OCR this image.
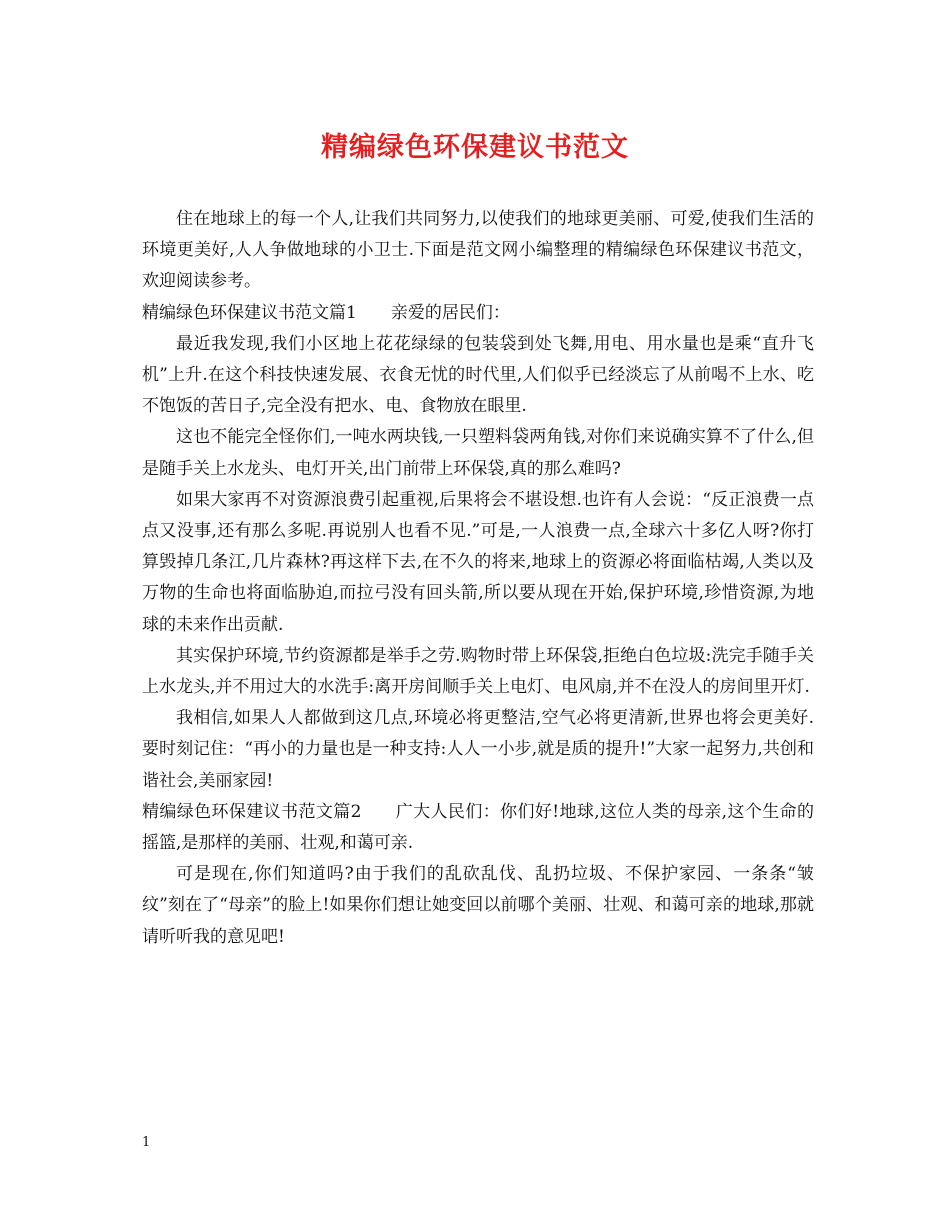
精编绿色环保建议书范文

住在地球上的每一个人,让我们共同努力,以使我们的地球更美丽、可爱,使我们生活的环境更美好,人人争做地球的小卫士.下面是范文网小编整理的精编绿色环保建议书范文，欢迎阅读参考。

精编绿色环保建议书范文篇1 亲爱的居民们：

最近我发现,我们小区地上花花绿绿的包装袋到处飞舞,用电、用水量也是乘“直升飞机”上升.在这个科技快速发展、衣食无忧的时代里,人们似乎已经淡忘了从前喝不上水、吃不饱饭的苦日子,完全没有把水、电、食物放在眼里.

这也不能完全怪你们,一吨水两块钱,一只塑料袋两角钱,对你们来说确实算不了什么,但是随手关上水龙头、电灯开关,出门前带上环保袋,真的那么难吗?

如果大家再不对资源浪费引起重视,后果将会不堪设想.也许有人会说：“反正浪费一点点又没事,还有那么多呢.再说别人也看不见.”可是,一人浪费一点,全球六十多亿人呀?你打算毁掉几条江,几片森林?再这样下去,在不久的将来,地球上的资源必将面临枯竭,人类以及万物的生命也将面临胁迫,而拉弓没有回头箭,所以要从现在开始,保护环境,珍惜资源,为地球的未来作出贡献.

其实保护环境,节约资源都是举手之劳.购物时带上环保袋,拒绝白色垃圾:洗完手随手关上水龙头,并不用过大的水洗手:离开房间顺手关上电灯、电风扇,并不在没人的房间里开灯.

我相信,如果人人都做到这几点,环境必将更整洁,空气必将更清新,世界也将会更美好.要时刻记住：“再小的力量也是一种支持:人人一小步,就是质的提升!”大家一起努力,共创和谐社会,美丽家园!

精编绿色环保建议书范文篇2 广大人民们：你们好!地球,这位人类的母亲,这个生命的摇篮,是那样的美丽、壮观,和蔼可亲.

可是现在,你们知道吗?由于我们的乱砍乱伐、乱扔垃圾、不保护家园、一条条“皱纹”刻在了“母亲”的脸上!如果你们想让她变回以前哪个美丽、壮观、和蔼可亲的地球,那就请听听我的意见吧!

1
